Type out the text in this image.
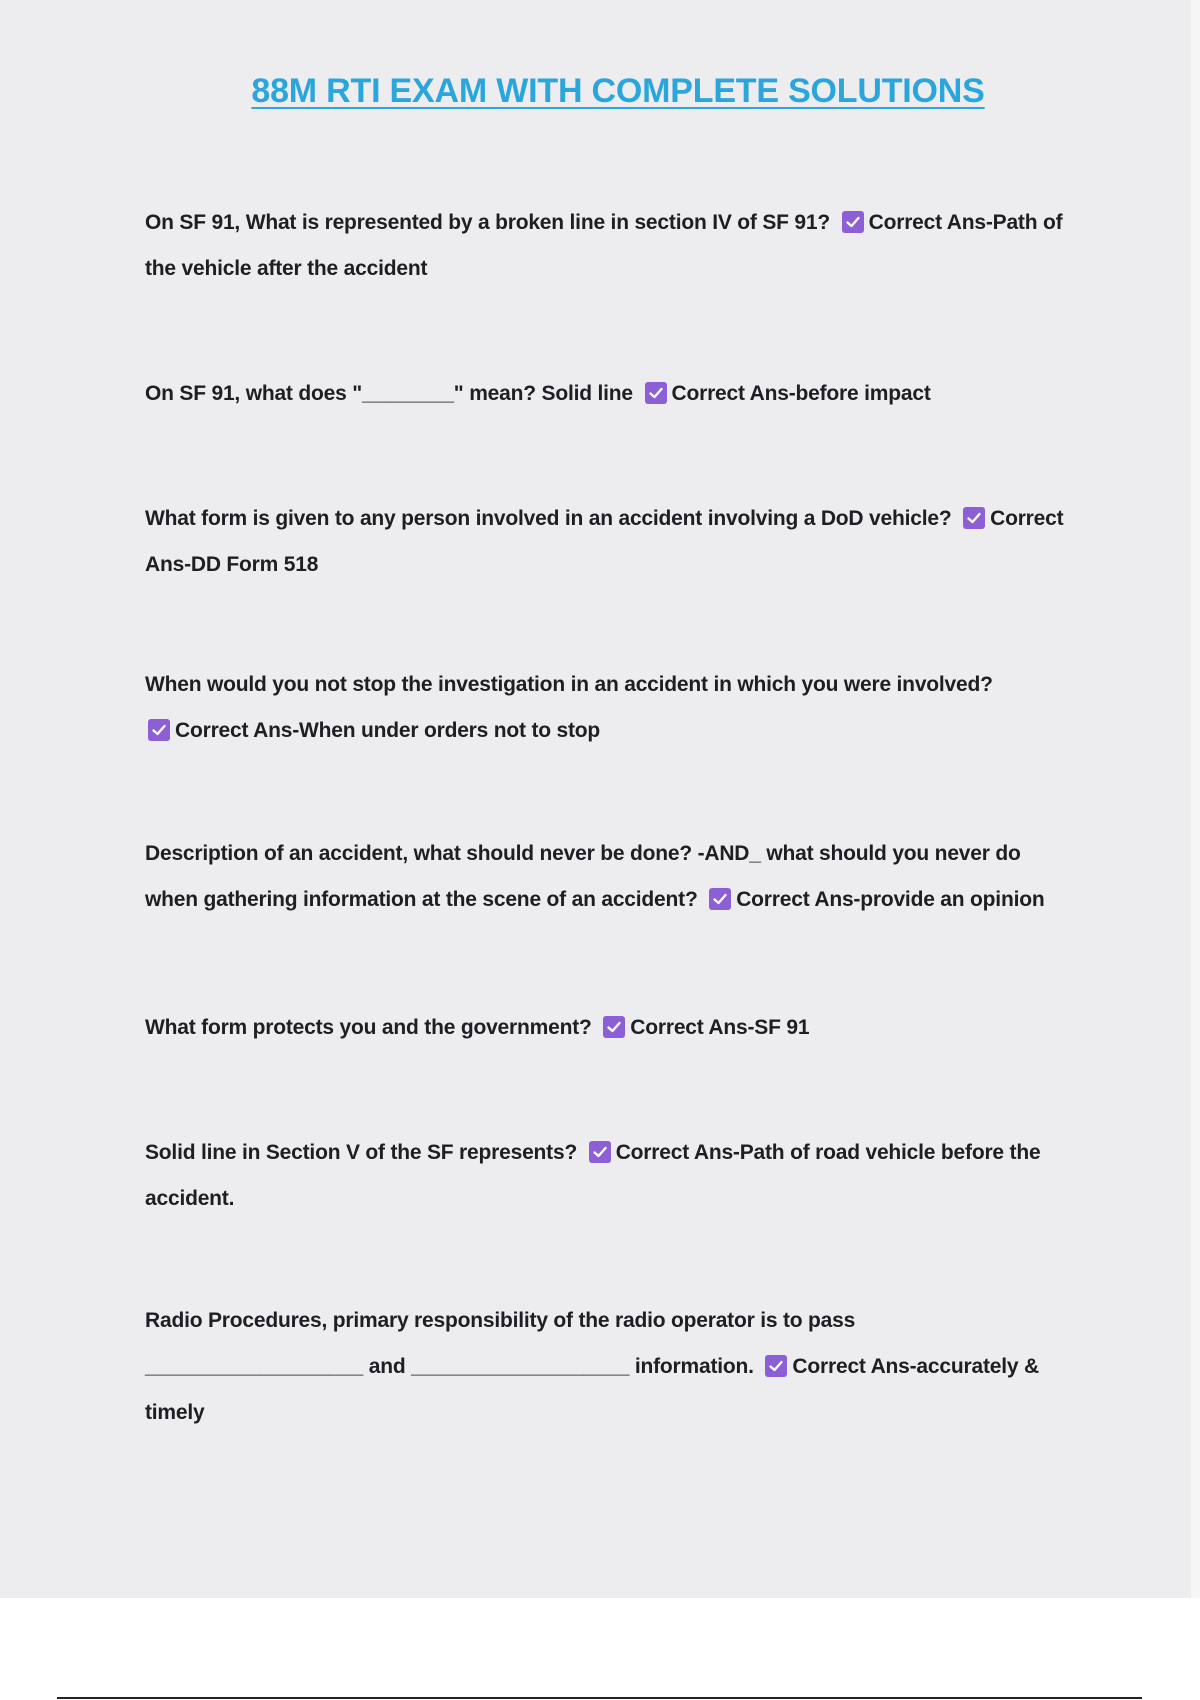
88M RTI EXAM WITH COMPLETE SOLUTIONS
On SF 91, What is represented by a broken line in section IV of SF 91? Correct Ans-Path of
the vehicle after the accident
On SF 91, what does "________" mean? Solid line Correct Ans-before impact
What form is given to any person involved in an accident involving a DoD vehicle? Correct
Ans-DD Form 518
When would you not stop the investigation in an accident in which you were involved?
Correct Ans-When under orders not to stop
Description of an accident, what should never be done? -AND_ what should you never do
when gathering information at the scene of an accident? Correct Ans-provide an opinion
What form protects you and the government? Correct Ans-SF 91
Solid line in Section V of the SF represents? Correct Ans-Path of road vehicle before the
accident.
Radio Procedures, primary responsibility of the radio operator is to pass
___________________ and ___________________ information. Correct Ans-accurately &
timely
